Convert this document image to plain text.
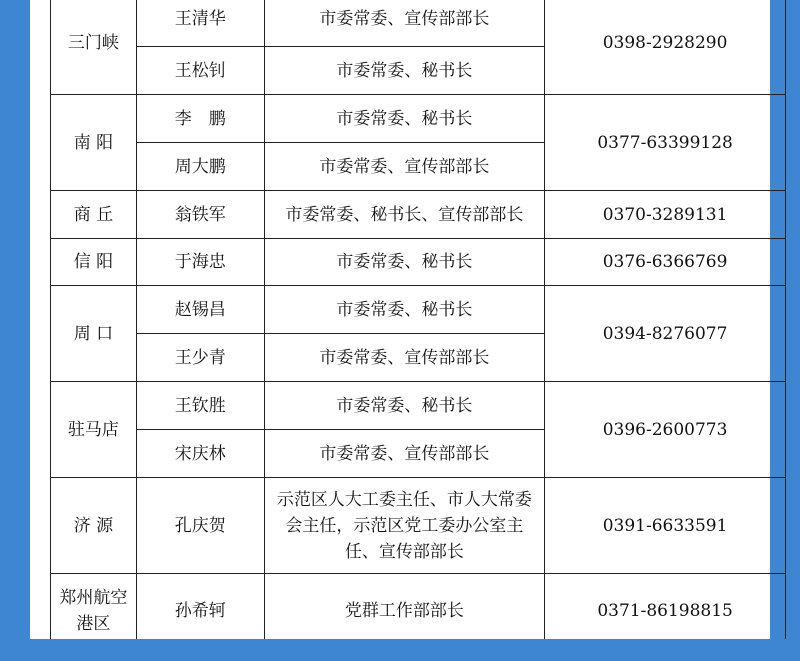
三门峡	王清华	市委常委、宣传部部长	0398-2928290
	王松钊	市委常委、秘书长	
南 阳	李　鹏	市委常委、秘书长	0377-63399128
	周大鹏	市委常委、宣传部部长	
商 丘	翁铁军	市委常委、秘书长、宣传部部长	0370-3289131
信 阳	于海忠	市委常委、秘书长	0376-6366769
周 口	赵锡昌	市委常委、秘书长	0394-8276077
	王少青	市委常委、宣传部部长	
驻马店	王钦胜	市委常委、秘书长	0396-2600773
	宋庆林	市委常委、宣传部部长	
济 源	孔庆贺	示范区人大工委主任、市人大常委会主任，示范区党工委办公室主任、宣传部部长	0391-6633591
郑州航空港区	孙希轲	党群工作部部长	0371-86198815
